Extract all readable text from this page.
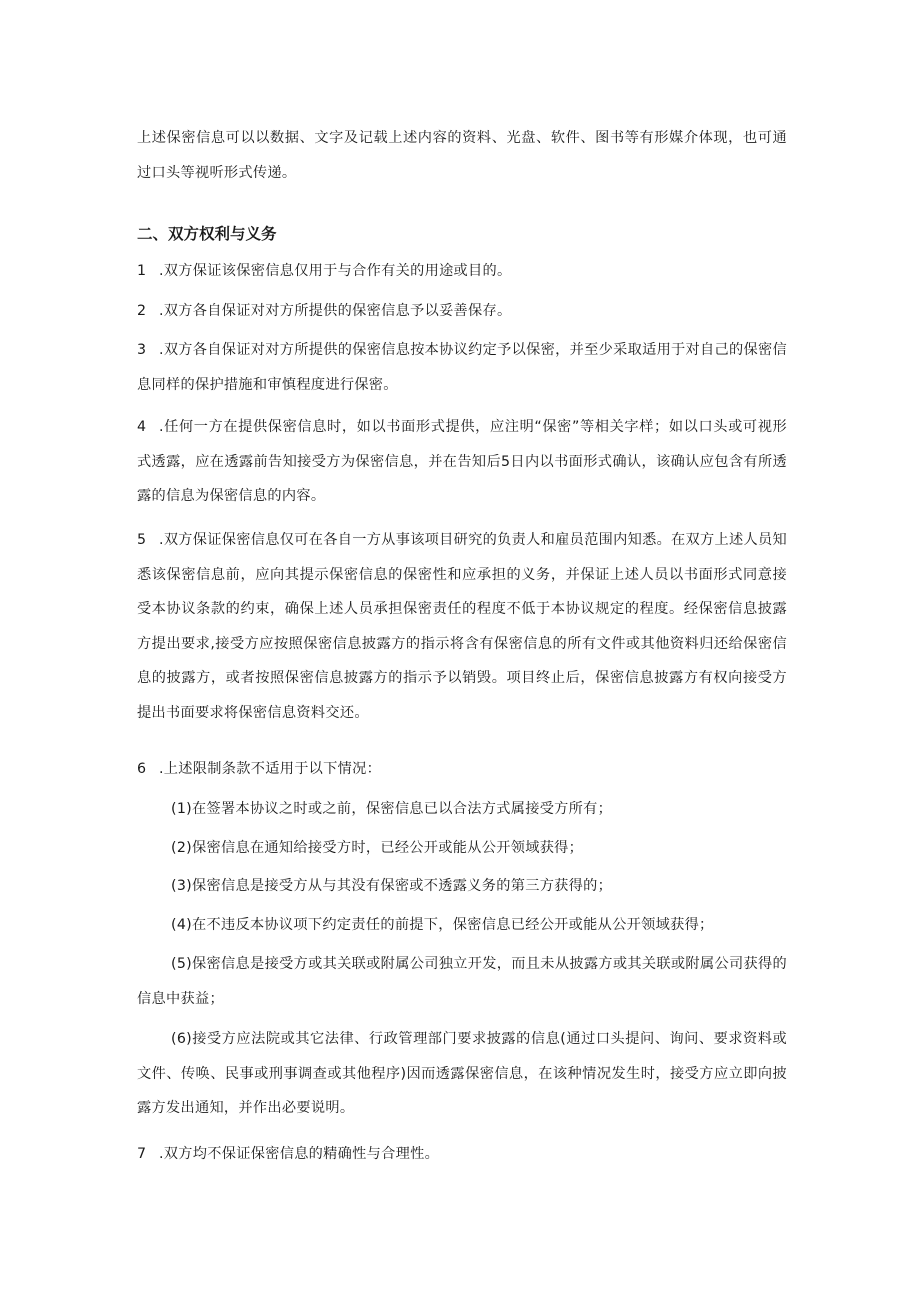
上述保密信息可以以数据、文字及记载上述内容的资料、光盘、软件、图书等有形媒介体现，也可通过口头等视听形式传递。

二、双方权利与义务

1 .双方保证该保密信息仅用于与合作有关的用途或目的。

2 .双方各自保证对对方所提供的保密信息予以妥善保存。

3 .双方各自保证对对方所提供的保密信息按本协议约定予以保密，并至少采取适用于对自己的保密信息同样的保护措施和审慎程度进行保密。

4 .任何一方在提供保密信息时，如以书面形式提供，应注明“保密”等相关字样；如以口头或可视形式透露，应在透露前告知接受方为保密信息，并在告知后5日内以书面形式确认，该确认应包含有所透露的信息为保密信息的内容。

5 .双方保证保密信息仅可在各自一方从事该项目研究的负责人和雇员范围内知悉。在双方上述人员知悉该保密信息前，应向其提示保密信息的保密性和应承担的义务，并保证上述人员以书面形式同意接受本协议条款的约束，确保上述人员承担保密责任的程度不低于本协议规定的程度。经保密信息披露方提出要求,接受方应按照保密信息披露方的指示将含有保密信息的所有文件或其他资料归还给保密信息的披露方，或者按照保密信息披露方的指示予以销毁。项目终止后，保密信息披露方有权向接受方提出书面要求将保密信息资料交还。

6 .上述限制条款不适用于以下情况：

(1)在签署本协议之时或之前，保密信息已以合法方式属接受方所有；

(2)保密信息在通知给接受方时，已经公开或能从公开领域获得；

(3)保密信息是接受方从与其没有保密或不透露义务的第三方获得的；

(4)在不违反本协议项下约定责任的前提下，保密信息已经公开或能从公开领域获得；

(5)保密信息是接受方或其关联或附属公司独立开发，而且未从披露方或其关联或附属公司获得的信息中获益；

(6)接受方应法院或其它法律、行政管理部门要求披露的信息(通过口头提问、询问、要求资料或文件、传唤、民事或刑事调查或其他程序)因而透露保密信息，在该种情况发生时，接受方应立即向披露方发出通知，并作出必要说明。

7 .双方均不保证保密信息的精确性与合理性。
